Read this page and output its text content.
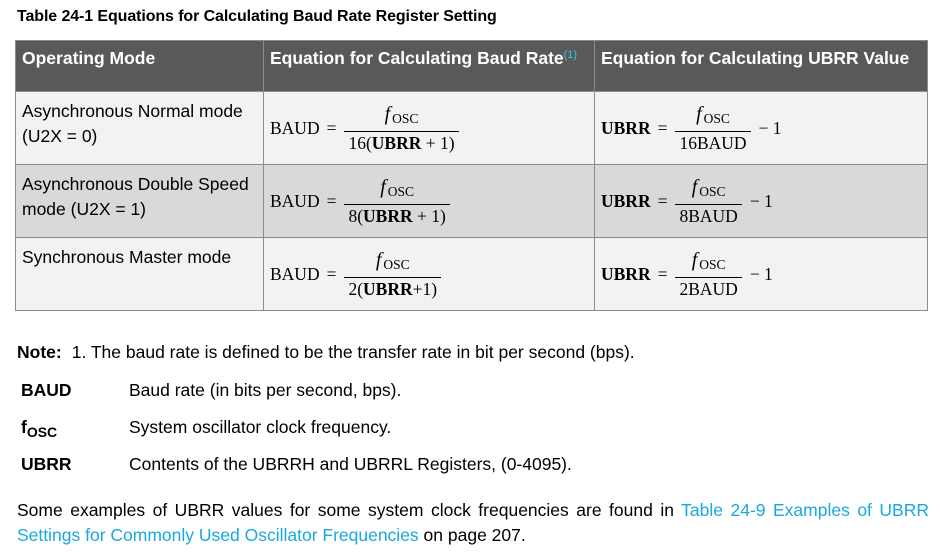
Table 24-1 Equations for Calculating Baud Rate Register Setting
Operating Mode	Equation for Calculating Baud Rate$^{(1)}$	Equation for Calculating UBRR Value
Asynchronous Normal mode (U2X = 0)	BAUD = $\frac{f _{OSC}}{\text{16(UBRR + 1)}}$	UBRR = $\frac{f _{OSC}}{\text{16BAUD}} - 1$

Asynchronous Double Speed mode (U2X = 1)	BAUD = $\frac{f _{OSC}}{\text{8(UBRR + 1)}}$	UBRR = $\frac{f _{OSC}}{\text{8BAUD}} - 1$

Synchronous Master mode	BAUD = $\frac{f _{OSC}}{\text{2(UBRR+1)}}$	UBRR = $\frac{f _{OSC}}{\text{2BAUD}} - 1$
Note: 1. The baud rate is defined to be the transfer rate in bit per second (bps).
BAUD	Baud rate (in bits per second, bps).
$f_{OSC}$	System oscillator clock frequency.
UBRR	Contents of the UBRRH and UBRRL Registers, (0-4095).
Some examples of UBRR values for some system clock frequencies are found in Table 24-9 Examples of UBRR Settings for Commonly Used Oscillator Frequencies on page 207.
